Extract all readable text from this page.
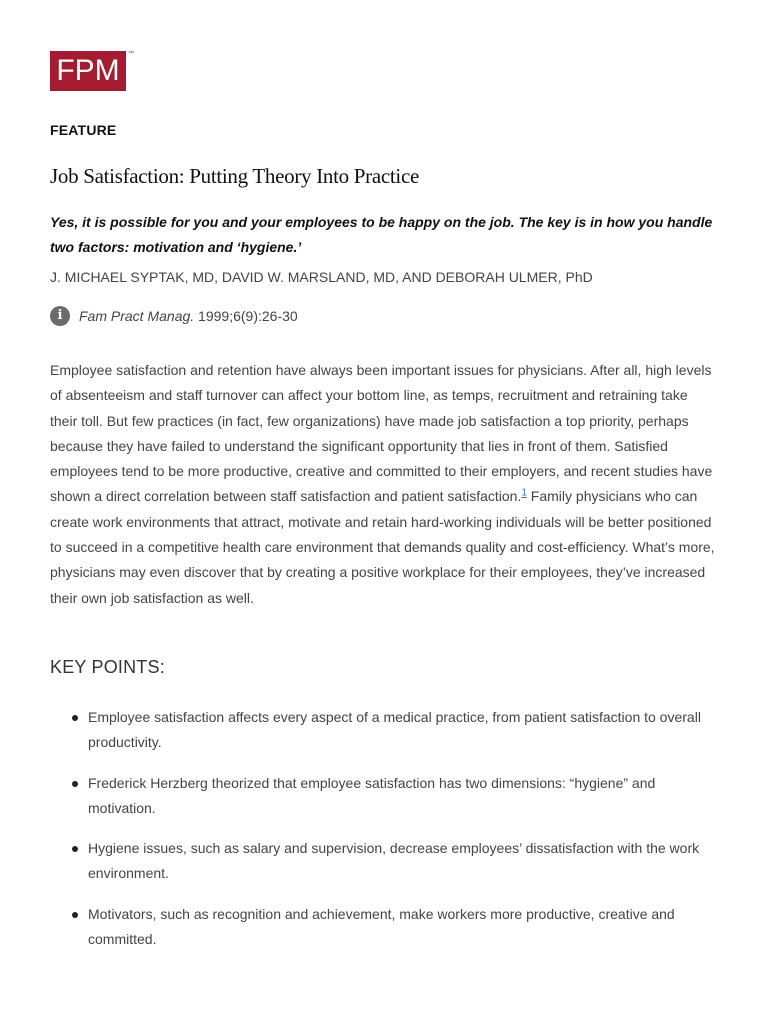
FPM	™
FEATURE
Job Satisfaction: Putting Theory Into Practice

Yes, it is possible for you and your employees to be happy on the job. The key is in how you handle two factors: motivation and ‘hygiene.’

J. MICHAEL SYPTAK, MD, DAVID W. MARSLAND, MD, AND DEBORAH ULMER, PhD
i	Fam Pract Manag. 1999;6(9):26-30

Employee satisfaction and retention have always been important issues for physicians. After all, high levels of absenteeism and staff turnover can affect your bottom line, as temps, recruitment and retraining take their toll. But few practices (in fact, few organizations) have made job satisfaction a top priority, perhaps because they have failed to understand the significant opportunity that lies in front of them. Satisfied employees tend to be more productive, creative and committed to their employers, and recent studies have shown a direct correlation between staff satisfaction and patient satisfaction.$^1$ Family physicians who can create work environments that attract, motivate and retain hard-working individuals will be better positioned to succeed in a competitive health care environment that demands quality and cost-efficiency. What’s more, physicians may even discover that by creating a positive workplace for their employees, they’ve increased their own job satisfaction as well.

KEY POINTS:
Employee satisfaction affects every aspect of a medical practice, from patient satisfaction to overall productivity.
Frederick Herzberg theorized that employee satisfaction has two dimensions: “hygiene” and motivation.
Hygiene issues, such as salary and supervision, decrease employees’ dissatisfaction with the work environment.
Motivators, such as recognition and achievement, make workers more productive, creative and committed.
